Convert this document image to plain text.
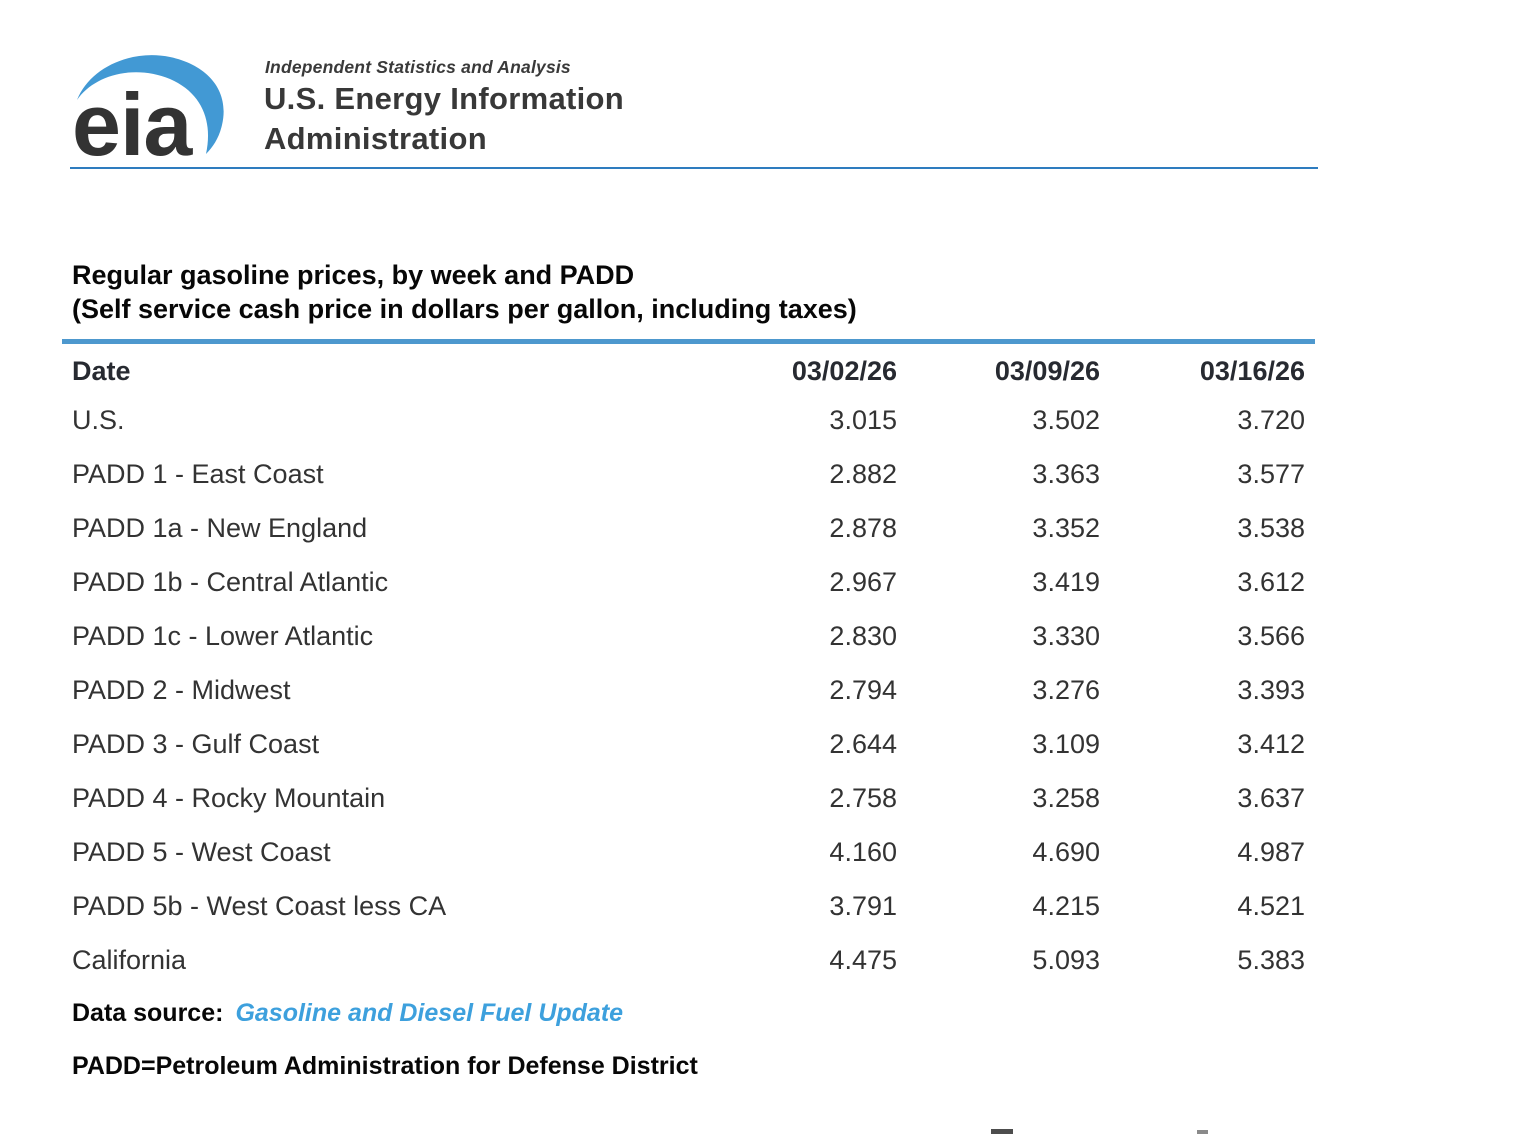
eia
Independent Statistics and Analysis
U.S. Energy Information
Administration
Regular gasoline prices, by week and PADD
(Self service cash price in dollars per gallon, including taxes)
Date	03/02/26	03/09/26	03/16/26
U.S.	3.015	3.502	3.720
PADD 1 - East Coast	2.882	3.363	3.577
PADD 1a - New England	2.878	3.352	3.538
PADD 1b - Central Atlantic	2.967	3.419	3.612
PADD 1c - Lower Atlantic	2.830	3.330	3.566
PADD 2 - Midwest	2.794	3.276	3.393
PADD 3 - Gulf Coast	2.644	3.109	3.412
PADD 4 - Rocky Mountain	2.758	3.258	3.637
PADD 5 - West Coast	4.160	4.690	4.987
PADD 5b - West Coast less CA	3.791	4.215	4.521
California	4.475	5.093	5.383
Data source: Gasoline and Diesel Fuel Update
PADD=Petroleum Administration for Defense District
